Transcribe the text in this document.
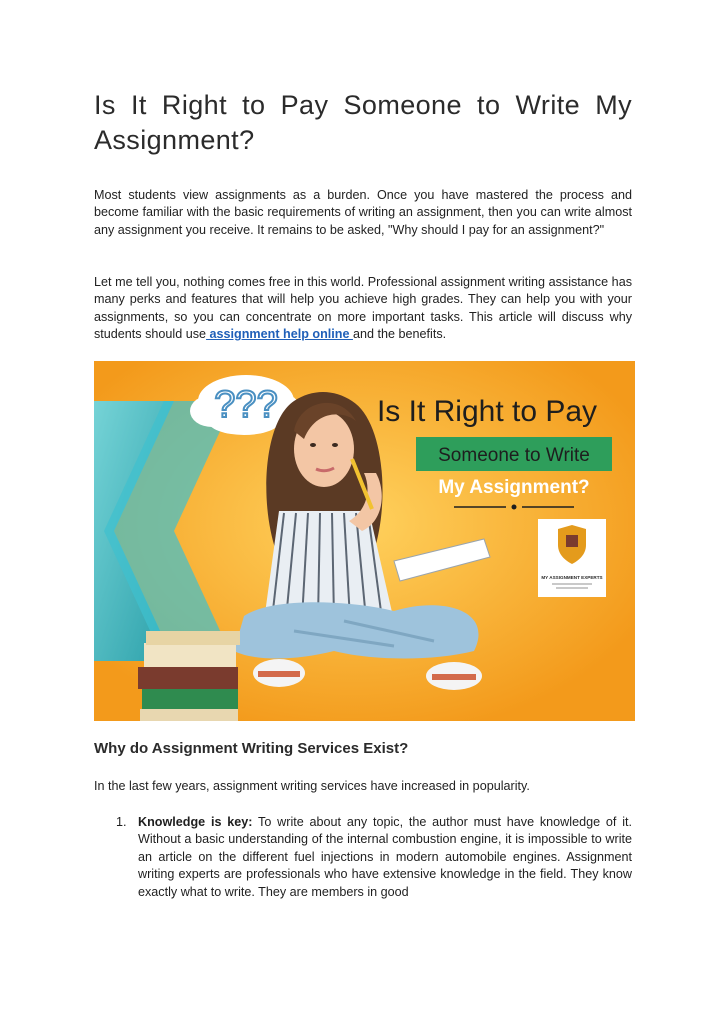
Is It Right to Pay Someone to Write My Assignment?

Most students view assignments as a burden. Once you have mastered the process and become familiar with the basic requirements of writing an assignment, then you can write almost any assignment you receive. It remains to be asked, "Why should I pay for an assignment?"

Let me tell you, nothing comes free in this world. Professional assignment writing assistance has many perks and features that will help you achieve high grades. They can help you with your assignments, so you can concentrate on more important tasks. This article will discuss why students should use assignment help online and the benefits.

???	Is It Right to Pay
Someone to Write
My Assignment?
MY ASSIGNMENT EXPERTS
Why do Assignment Writing Services Exist?

In the last few years, assignment writing services have increased in popularity.

1. Knowledge is key: To write about any topic, the author must have knowledge of it. Without a basic understanding of the internal combustion engine, it is impossible to write an article on the different fuel injections in modern automobile engines. Assignment writing experts are professionals who have extensive knowledge in the field. They know exactly what to write. They are members in good
